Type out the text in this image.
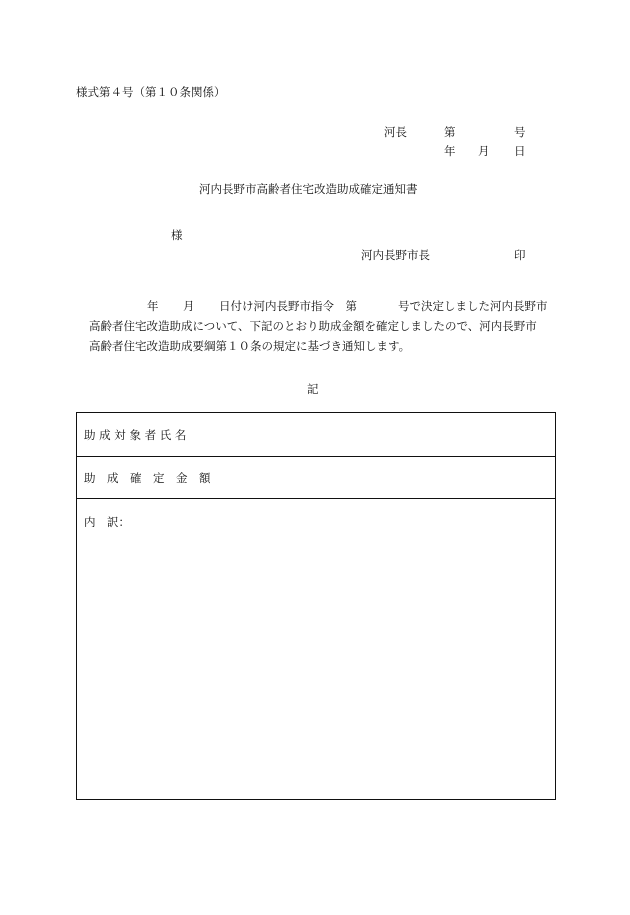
様式第４号（第１０条関係）
河長	第	号
年 月 日
河内長野市高齢者住宅改造助成確定通知書
様
河内長野市長	印
年 月 日付け河内長野市指令　第	号で決定しました河内長野市
高齢者住宅改造助成について、下記のとおり助成金額を確定しましたので、河内長野市
高齢者住宅改造助成要綱第１０条の規定に基づき通知します。
記
助 成 対 象 者 氏 名
助　成　確　定　金　額
内　訳：
